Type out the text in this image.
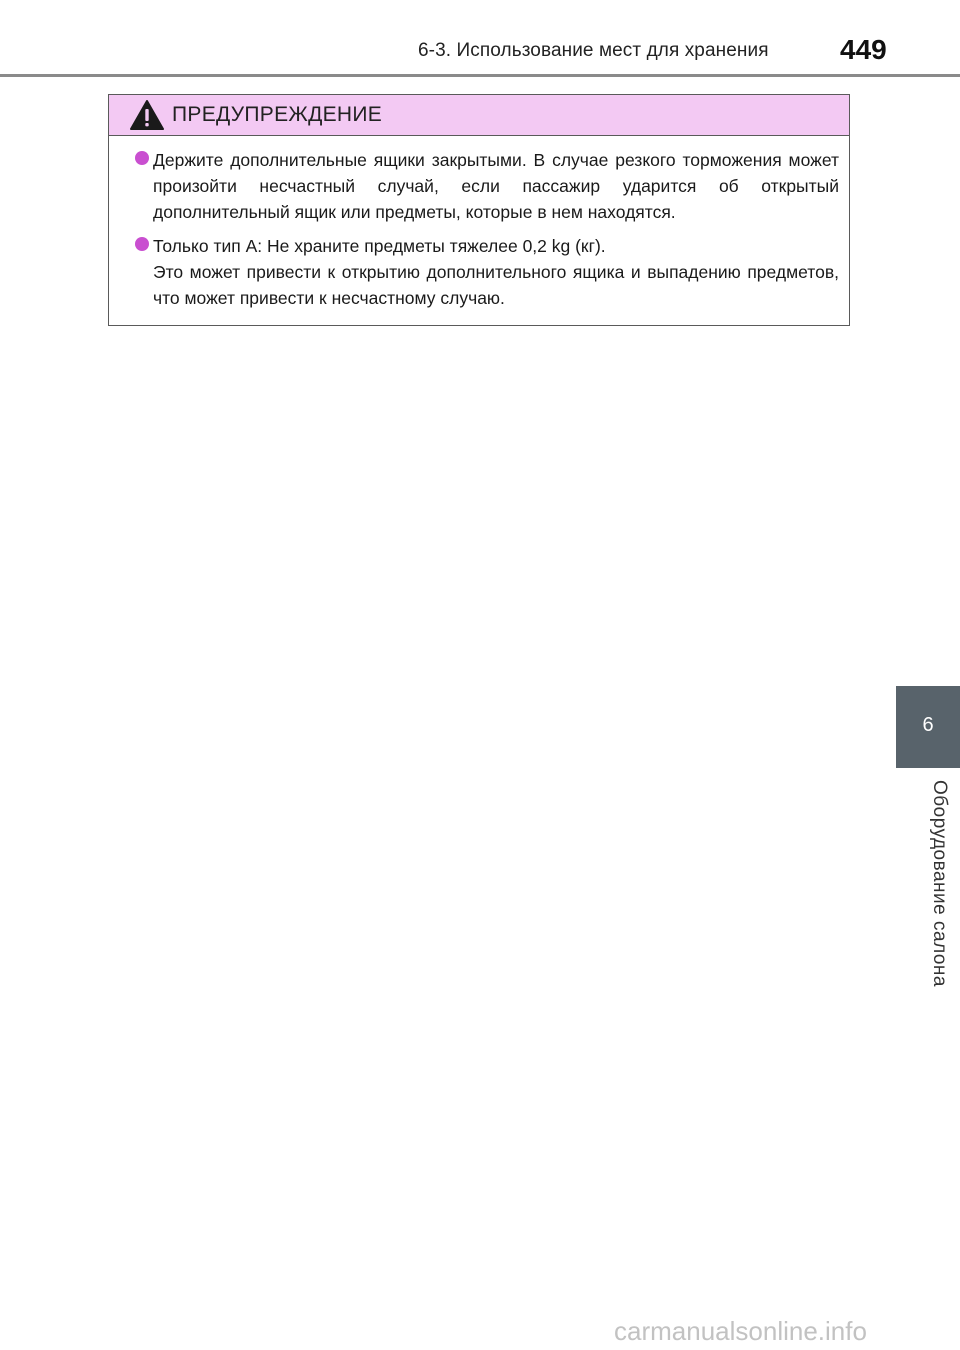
6-3. Использование мест для хранения	449
ПРЕДУПРЕЖДЕНИЕ
Держите дополнительные ящики закрытыми. В случае резкого торможения может произойти несчастный случай, если пассажир ударится об открытый дополнительный ящик или предметы, которые в нем находятся.
Только тип A: Не храните предметы тяжелее 0,2 kg (кг).
Это может привести к открытию дополнительного ящика и выпадению предметов, что может привести к несчастному случаю.
6
Оборудование салона
carmanualsonline.info
